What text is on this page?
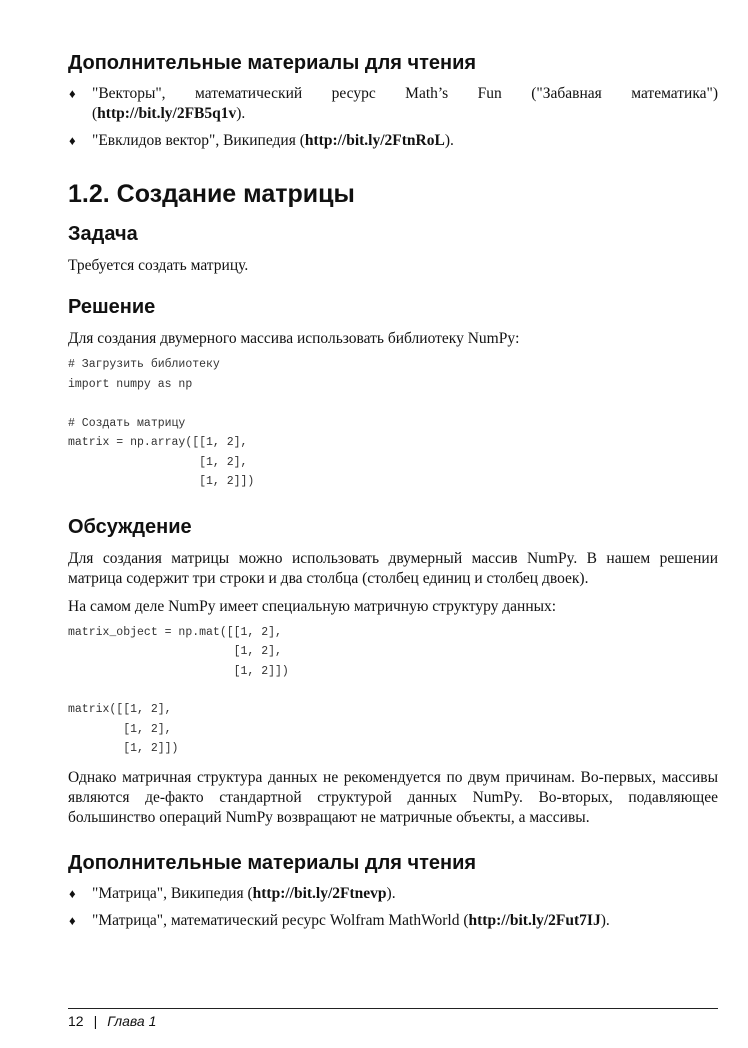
Дополнительные материалы для чтения
♦ "Векторы", математический ресурс Math’s Fun ("Забавная математика") (http://bit.ly/2FB5q1v).
♦ "Евклидов вектор", Википедия (http://bit.ly/2FtnRoL).
1.2. Создание матрицы
Задача

Требуется создать матрицу.

Решение

Для создания двумерного массива использовать библиотеку NumPy:

# Загрузить библиотеку
import numpy as np

# Создать матрицу
matrix = np.array([[1, 2],
[1, 2],
[1, 2]])
Обсуждение

Для создания матрицы можно использовать двумерный массив NumPy. В нашем решении матрица содержит три строки и два столбца (столбец единиц и столбец двоек).

На самом деле NumPy имеет специальную матричную структуру данных:

matrix_object = np.mat([[1, 2],
[1, 2],
[1, 2]])
matrix([[1, 2],
[1, 2],
[1, 2]])

Однако матричная структура данных не рекомендуется по двум причинам. Во-первых, массивы являются де-факто стандартной структурой данных NumPy. Во-вторых, подавляющее большинство операций NumPy возвращают не матричные объекты, а массивы.

Дополнительные материалы для чтения
♦ "Матрица", Википедия (http://bit.ly/2Ftnevp).
♦ "Матрица", математический ресурс Wolfram MathWorld (http://bit.ly/2Fut7IJ).
12 | Глава 1
